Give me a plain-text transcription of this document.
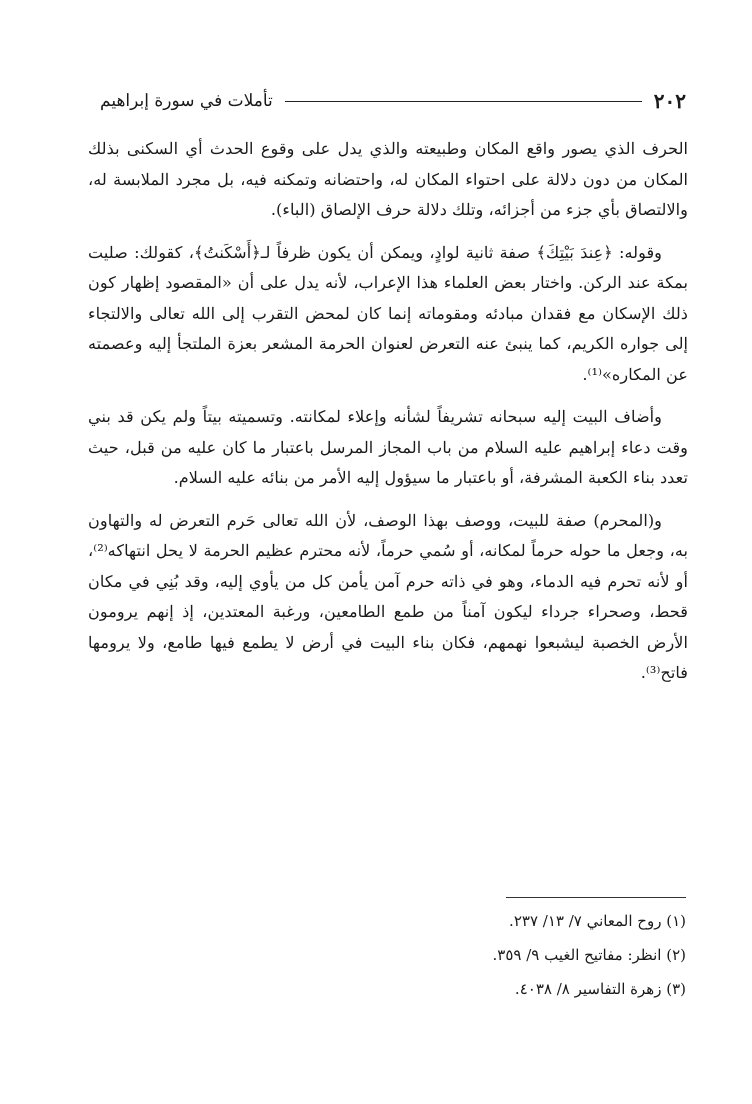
٢٠٢
تأملات في سورة إبراهيم

الحرف الذي يصور واقع المكان وطبيعته والذي يدل على وقوع الحدث أي السكنى بذلك المكان من دون دلالة على احتواء المكان له، واحتضانه وتمكنه فيه، بل مجرد الملابسة له، والالتصاق بأي جزء من أجزائه، وتلك دلالة حرف الإلصاق (الباء).

وقوله: ﴿عِندَ بَيْتِكَ﴾ صفة ثانية لوادٍ، ويمكن أن يكون ظرفاً لـ﴿أَسْكَنتُ﴾، كقولك: صليت بمكة عند الركن. واختار بعض العلماء هذا الإعراب، لأنه يدل على أن «المقصود إظهار كون ذلك الإسكان مع فقدان مبادئه ومقوماته إنما كان لمحض التقرب إلى الله تعالى والالتجاء إلى جواره الكريم، كما ينبئ عنه التعرض لعنوان الحرمة المشعر بعزة الملتجأ إليه وعصمته عن المكاره»⁽¹⁾.

وأضاف البيت إليه سبحانه تشريفاً لشأنه وإعلاء لمكانته. وتسميته بيتاً ولم يكن قد بني وقت دعاء إبراهيم عليه السلام من باب المجاز المرسل باعتبار ما كان عليه من قبل، حيث تعدد بناء الكعبة المشرفة، أو باعتبار ما سيؤول إليه الأمر من بنائه عليه السلام.

و(المحرم) صفة للبيت، ووصف بهذا الوصف، لأن الله تعالى حَرم التعرض له والتهاون به، وجعل ما حوله حرماً لمكانه، أو سُمي حرماً، لأنه محترم عظيم الحرمة لا يحل انتهاكه⁽²⁾، أو لأنه تحرم فيه الدماء، وهو في ذاته حرم آمن يأمن كل من يأوي إليه، وقد بُنِي في مكان قحط، وصحراء جرداء ليكون آمناً من طمع الطامعين، ورغبة المعتدين، إذ إنهم يرومون الأرض الخصبة ليشبعوا نهمهم، فكان بناء البيت في أرض لا يطمع فيها طامع، ولا يرومها فاتح⁽³⁾.

(١) روح المعاني ٧/ ١٣/ ٢٣٧.
(٢) انظر: مفاتيح الغيب ٩/ ٣٥٩.
(٣) زهرة التفاسير ٨/ ٤٠٣٨.
